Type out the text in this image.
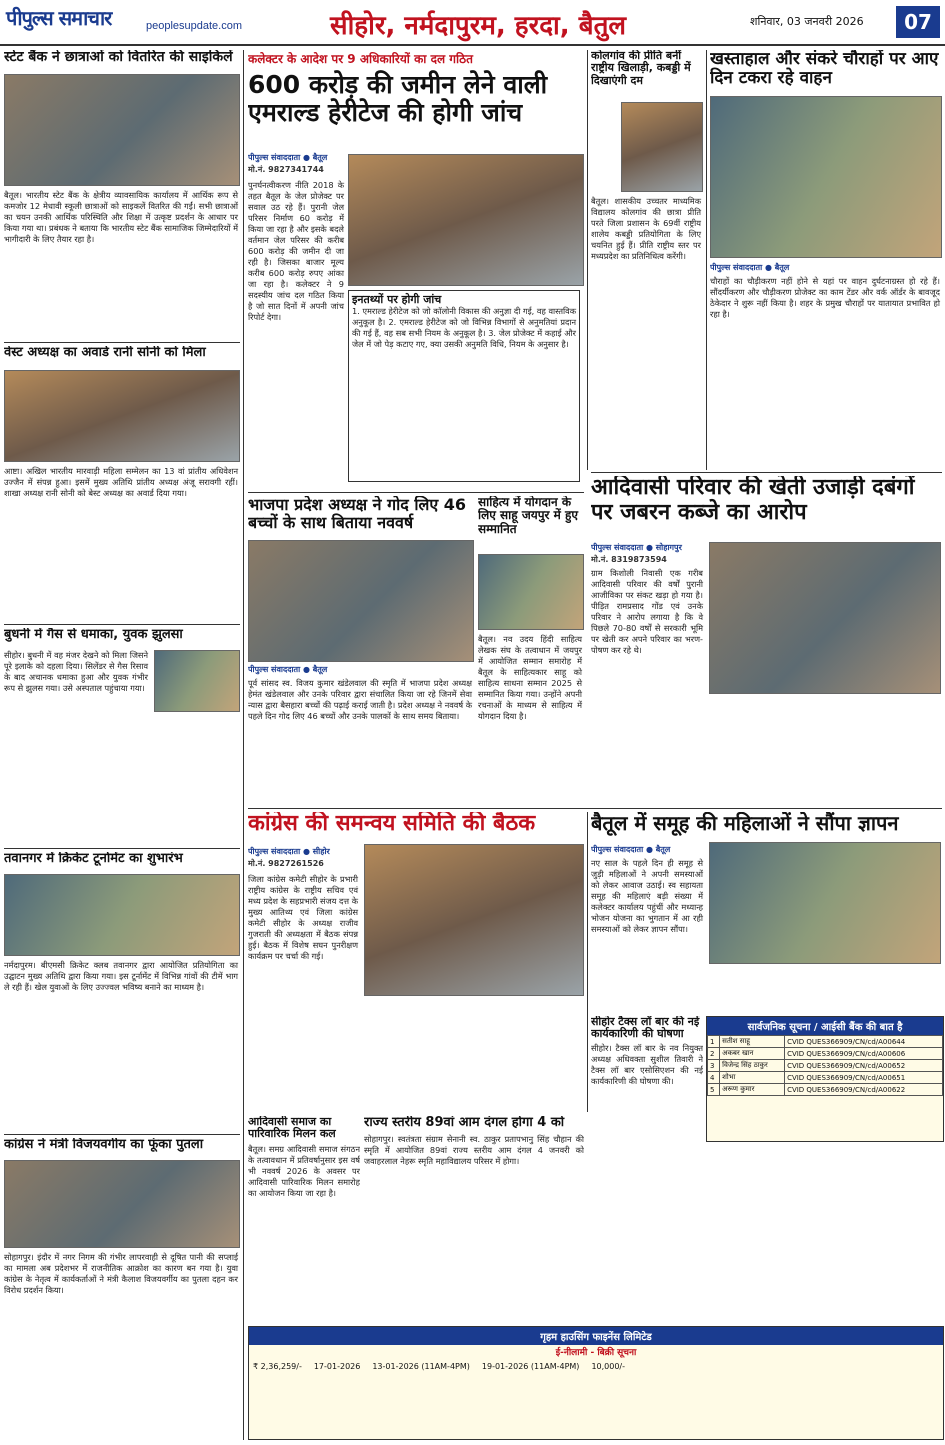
पीपुल्स समाचार	peoplesupdate.com	सीहोर, नर्मदापुरम, हरदा, बैतुल	शनिवार, 03 जनवरी 2026	07
स्टेट बैंक ने छात्राओं को वितरित की साइकिलें
बैतूल। भारतीय स्टेट बैंक के क्षेत्रीय व्यावसायिक कार्यालय में आर्थिक रूप से कमजोर 12 मेधावी स्कूली छात्राओं को साइकलें वितरित की गईं। सभी छात्राओं का चयन उनकी आर्थिक परिस्थिति और शिक्षा में उत्कृष्ट प्रदर्शन के आधार पर किया गया था। प्रबंधक ने बताया कि भारतीय स्टेट बैंक सामाजिक जिम्मेदारियों में भागीदारी के लिए तैयार रहा है।
वेस्ट अध्यक्ष का अवार्ड रानी सोनी को मिला
आष्टा। अखिल भारतीय मारवाड़ी महिला सम्मेलन का 13 वां प्रांतीय अधिवेशन उज्जैन में संपन्न हुआ। इसमें मुख्य अतिथि प्रांतीय अध्यक्ष अंजू सरावगी रहीं। शाखा अध्यक्ष रानी सोनी को बेस्ट अध्यक्ष का अवार्ड दिया गया।
बुधनी में गैस से धमाका, युवक झुलसा
सीहोर। बुधनी में वह मंजर देखने को मिला जिसने पूरे इलाके को दहला दिया। सिलेंडर से गैस रिसाव के बाद अचानक धमाका हुआ और युवक गंभीर रूप से झुलस गया। उसे अस्पताल पहुंचाया गया।
तवानगर में क्रिकेट टूर्नामेंट का शुभारंभ
नर्मदापुरम। बीएमसी क्रिकेट क्लब तवानगर द्वारा आयोजित प्रतियोगिता का उद्घाटन मुख्य अतिथि द्वारा किया गया। इस टूर्नामेंट में विभिन्न गांवों की टीमें भाग ले रही हैं। खेल युवाओं के लिए उज्ज्वल भविष्य बनाने का माध्यम है।
कांग्रेस ने मंत्री विजयवर्गीय का फूंका पुतला
सोहागपुर। इंदौर में नगर निगम की गंभीर लापरवाही से दूषित पानी की सप्लाई का मामला अब प्रदेशभर में राजनीतिक आक्रोश का कारण बन गया है। युवा कांग्रेस के नेतृत्व में कार्यकर्ताओं ने मंत्री कैलाश विजयवर्गीय का पुतला दहन कर विरोध प्रदर्शन किया।
कलेक्टर के आदेश पर 9 अधिकारियों का दल गठित
600 करोड़ की जमीन लेने वाली एमराल्ड हेरीटेज की होगी जांच
पीपुल्स संवाददाता ● बैतूल
मो.नं. 9827341744
पुनर्घनत्वीकरण नीति 2018 के तहत बैतूल के जेल प्रोजेक्ट पर सवाल उठ रहे हैं। पुरानी जेल परिसर निर्माण 60 करोड़ में किया जा रहा है और इसके बदले वर्तमान जेल परिसर की करीब 600 करोड़ की जमीन दी जा रही है। जिसका बाजार मूल्य करीब 600 करोड़ रुपए आंका जा रहा है। कलेक्टर ने 9 सदस्यीय जांच दल गठित किया है जो सात दिनों में अपनी जांच रिपोर्ट देगा।
इनतथ्यों पर होगी जांच
1. एमराल्ड हेरीटेज को जो कॉलोनी विकास की अनुज्ञा दी गई, वह वास्तविक अनुकूल है। 2. एमराल्ड हेरीटेज को जो विभिन्न विभागों से अनुमतियां प्रदान की गई हैं, वह सब सभी नियम के अनुकूल है। 3. जेल प्रोजेक्ट में कहाई और जेल में जो पेड़ कटाए गए, क्या उसकी अनुमति विधि, नियम के अनुसार है।
भाजपा प्रदेश अध्यक्ष ने गोद लिए 46 बच्चों के साथ बिताया नववर्ष
पीपुल्स संवाददाता ● बैतूल
पूर्व सांसद स्व. विजय कुमार खंडेलवाल की स्मृति में भाजपा प्रदेश अध्यक्ष हेमंत खंडेलवाल और उनके परिवार द्वारा संचालित किया जा रहे जिनमें सेवा न्यास द्वारा बैसहारा बच्चों की पढ़ाई कराई जाती है। प्रदेश अध्यक्ष ने नववर्ष के पहले दिन गोद लिए 46 बच्चों और उनके पालकों के साथ समय बिताया।
साहित्य में योगदान के लिए साहू जयपुर में हुए सम्मानित
बैतूल। नव उदय हिंदी साहित्य लेखक संघ के तत्वाधान में जयपुर में आयोजित सम्मान समारोह में बैतूल के साहित्यकार साहू को साहित्य साधना सम्मान 2025 से सम्मानित किया गया। उन्होंने अपनी रचनाओं के माध्यम से साहित्य में योगदान दिया है।
कोलगांव की प्रीति बनीं राष्ट्रीय खिलाड़ी, कबड्डी में दिखाएंगी दम
बैतूल। शासकीय उच्चतर माध्यमिक विद्यालय कोलगांव की छात्रा प्रीति परते जिला प्रशासन के 69वीं राष्ट्रीय शालेय कबड्डी प्रतियोगिता के लिए चयनित हुई हैं। प्रीति राष्ट्रीय स्तर पर मध्यप्रदेश का प्रतिनिधित्व करेंगी।
खस्ताहाल और संकरे चौराहों पर आए दिन टकरा रहे वाहन
पीपुल्स संवाददाता ● बैतूल
चौराहों का चौड़ीकरण नहीं होने से यहां पर वाहन दुर्घटनाग्रस्त हो रहे हैं। सौंदर्यीकरण और चौड़ीकरण प्रोजेक्ट का काम टेंडर और वर्क ऑर्डर के बावजूद ठेकेदार ने शुरू नहीं किया है। शहर के प्रमुख चौराहों पर यातायात प्रभावित हो रहा है।
आदिवासी परिवार की खेती उजाड़ी दबंगों पर जबरन कब्जे का आरोप
पीपुल्स संवाददाता ● सोहागपुर
मो.नं. 8319873594
ग्राम किशोली निवासी एक गरीब आदिवासी परिवार की वर्षों पुरानी आजीविका पर संकट खड़ा हो गया है। पीड़ित रामप्रसाद गोंड एवं उनके परिवार ने आरोप लगाया है कि वे पिछले 70-80 वर्षों से सरकारी भूमि पर खेती कर अपने परिवार का भरण-पोषण कर रहे थे।
कांग्रेस की समन्वय समिति की बैठक
पीपुल्स संवाददाता ● सीहोर
मो.नं. 9827261526
जिला कांग्रेस कमेटी सीहोर के प्रभारी राष्ट्रीय कांग्रेस के राष्ट्रीय सचिव एवं मध्य प्रदेश के सहप्रभारी संजय दत्त के मुख्य आतिथ्य एवं जिला कांग्रेस कमेटी सीहोर के अध्यक्ष राजीव गुजराती की अध्यक्षता में बैठक संपन्न हुई। बैठक में विशेष सघन पुनरीक्षण कार्यक्रम पर चर्चा की गई।
आदिवासी समाज का पारिवारिक मिलन कल
बैतूल। समग्र आदिवासी समाज संगठन के तत्वावधान में प्रतिवर्षानुसार इस वर्ष भी नववर्ष 2026 के अवसर पर आदिवासी पारिवारिक मिलन समारोह का आयोजन किया जा रहा है।
राज्य स्तरीय 89वां आम दंगल होगा 4 को
सोहागपुर। स्वतंत्रता संग्राम सेनानी स्व. ठाकुर प्रतापभानु सिंह चौहान की स्मृति में आयोजित 89वां राज्य स्तरीय आम दंगल 4 जनवरी को जवाहरलाल नेहरू स्मृति महाविद्यालय परिसर में होगा।
बैतूल में समूह की महिलाओं ने सौंपा ज्ञापन
पीपुल्स संवाददाता ● बैतूल
नए साल के पहले दिन ही समूह से जुड़ी महिलाओं ने अपनी समस्याओं को लेकर आवाज उठाई। स्व सहायता समूह की महिलाएं बड़ी संख्या में कलेक्टर कार्यालय पहुंचीं और मध्यान्ह भोजन योजना का भुगतान में आ रही समस्याओं को लेकर ज्ञापन सौंपा।
सीहोर टैक्स लॉ बार की नई कार्यकारिणी की घोषणा
सीहोर। टैक्स लॉ बार के नव नियुक्त अध्यक्ष अधिवक्ता सुशील तिवारी ने टैक्स लॉ बार एसोसिएशन की नई कार्यकारिणी की घोषणा की।
सार्वजनिक सूचना / आईसी बैंक की बात है
1	सतीश साहू	CVID QUES366909/CN/cd/A00644
2	अकबर खान	CVID QUES366909/CN/cd/A00606
3	विजेन्द्र सिंह ठाकुर	CVID QUES366909/CN/cd/A00652
4	शोभा	CVID QUES366909/CN/cd/A00651
5	अरूण कुमार	CVID QUES366909/CN/cd/A00622
गृहम हाउसिंग फाइनेंस लिमिटेड
ई-नीलामी - बिक्री सूचना
₹ 2,36,259/- 17-01-2026 13-01-2026 (11AM-4PM) 19-01-2026 (11AM-4PM) 10,000/-
